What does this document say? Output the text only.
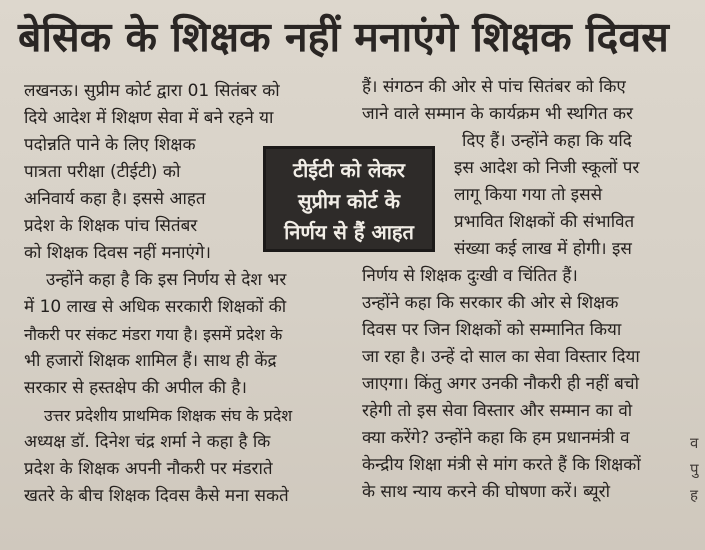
बेसिक के शिक्षक नहीं मनाएंगे शिक्षक दिवस

लखनऊ। सुप्रीम कोर्ट द्वारा 01 सितंबर को

दिये आदेश में शिक्षण सेवा में बने रहने या

पदोन्नति पाने के लिए शिक्षक

पात्रता परीक्षा (टीईटी) को

अनिवार्य कहा है। इससे आहत

प्रदेश के शिक्षक पांच सितंबर

को शिक्षक दिवस नहीं मनाएंगे।

उन्होंने कहा है कि इस निर्णय से देश भर

में 10 लाख से अधिक सरकारी शिक्षकों की

नौकरी पर संकट मंडरा गया है। इसमें प्रदेश के

भी हजारों शिक्षक शामिल हैं। साथ ही केंद्र

सरकार से हस्तक्षेप की अपील की है।

उत्तर प्रदेशीय प्राथमिक शिक्षक संघ के प्रदेश

अध्यक्ष डॉ. दिनेश चंद्र शर्मा ने कहा है कि

प्रदेश के शिक्षक अपनी नौकरी पर मंडराते

खतरे के बीच शिक्षक दिवस कैसे मना सकते

टीईटी को लेकर
सुप्रीम कोर्ट के
निर्णय से हैं आहत

हैं। संगठन की ओर से पांच सितंबर को किए

जाने वाले सम्मान के कार्यक्रम भी स्थगित कर

दिए हैं। उन्होंने कहा कि यदि

इस आदेश को निजी स्कूलों पर

लागू किया गया तो इससे

प्रभावित शिक्षकों की संभावित

संख्या कई लाख में होगी। इस

निर्णय से शिक्षक दुःखी व चिंतित हैं।

उन्होंने कहा कि सरकार की ओर से शिक्षक

दिवस पर जिन शिक्षकों को सम्मानित किया

जा रहा है। उन्हें दो साल का सेवा विस्तार दिया

जाएगा। किंतु अगर उनकी नौकरी ही नहीं बचो

रहेगी तो इस सेवा विस्तार और सम्मान का वो

क्या करेंगे? उन्होंने कहा कि हम प्रधानमंत्री व

केन्द्रीय शिक्षा मंत्री से मांग करते हैं कि शिक्षकों

के साथ न्याय करने की घोषणा करें। ब्यूरो

व
पु
ह
